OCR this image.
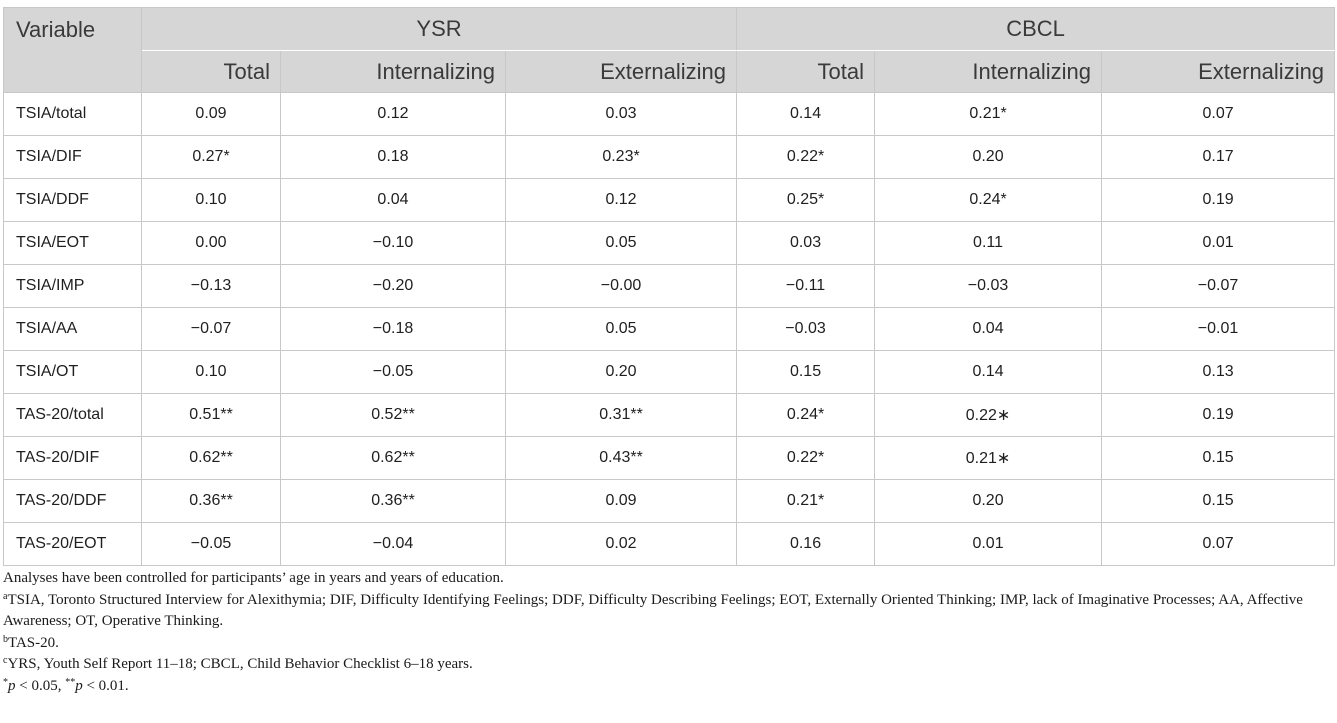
Variable	YSR			CBCL		
	Total	Internalizing	Externalizing	Total	Internalizing	Externalizing
TSIA/total	0.09	0.12	0.03	0.14	0.21*	0.07
TSIA/DIF	0.27*	0.18	0.23*	0.22*	0.20	0.17
TSIA/DDF	0.10	0.04	0.12	0.25*	0.24*	0.19
TSIA/EOT	0.00	−0.10	0.05	0.03	0.11	0.01
TSIA/IMP	−0.13	−0.20	−0.00	−0.11	−0.03	−0.07
TSIA/AA	−0.07	−0.18	0.05	−0.03	0.04	−0.01
TSIA/OT	0.10	−0.05	0.20	0.15	0.14	0.13
TAS-20/total	0.51**	0.52**	0.31**	0.24*	0.22∗	0.19
TAS-20/DIF	0.62**	0.62**	0.43**	0.22*	0.21∗	0.15
TAS-20/DDF	0.36**	0.36**	0.09	0.21*	0.20	0.15
TAS-20/EOT	−0.05	−0.04	0.02	0.16	0.01	0.07

Analyses have been controlled for participants’ age in years and years of education.

$^a$TSIA, Toronto Structured Interview for Alexithymia; DIF, Difficulty Identifying Feelings; DDF, Difficulty Describing Feelings; EOT, Externally Oriented Thinking; IMP, lack of Imaginative Processes; AA, Affective Awareness; OT, Operative Thinking.

$^b$TAS-20.

$^c$YRS, Youth Self Report 11–18; CBCL, Child Behavior Checklist 6–18 years.

*p < 0.05, **p < 0.01.
